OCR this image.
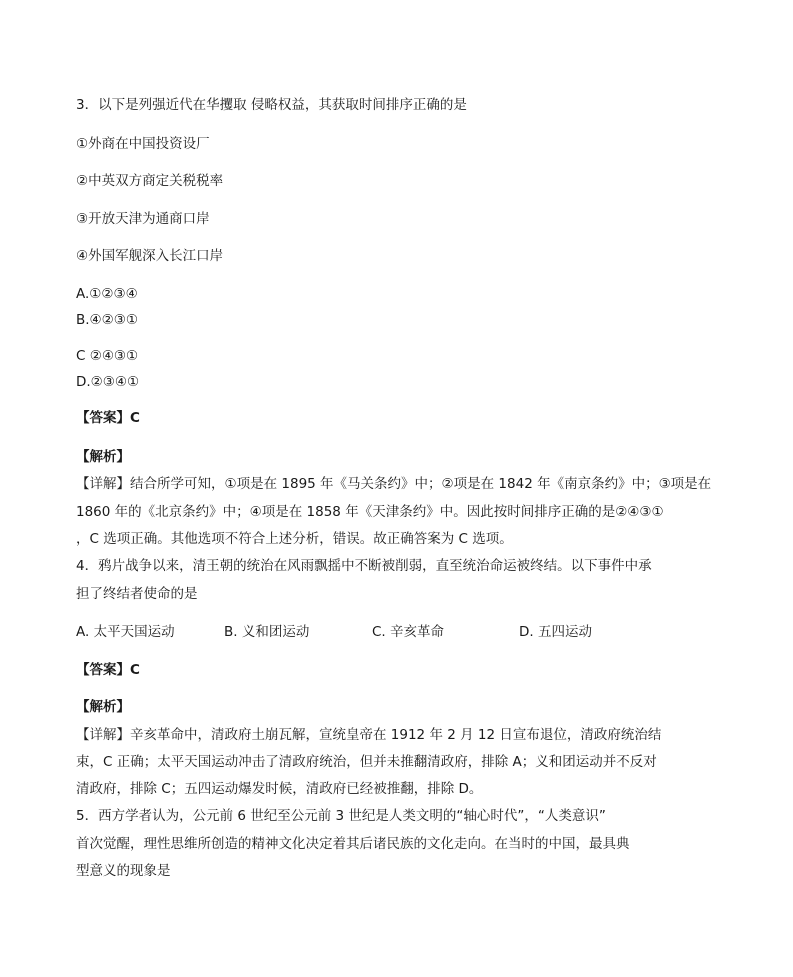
3．以下是列强近代在华攫取 侵略权益，其获取时间排序正确的是
①外商在中国投资设厂
②中英双方商定关税税率
③开放天津为通商口岸
④外国军舰深入长江口岸
A.①②③④
B.④②③①
C ②④③①
D.②③④①
【答案】C
【解析】
【详解】结合所学可知，①项是在 1895 年《马关条约》中；②项是在 1842 年《南京条约》中；③项是在
1860 年的《北京条约》中；④项是在 1858 年《天津条约》中。因此按时间排序正确的是②④③①
，C 选项正确。其他选项不符合上述分析，错误。故正确答案为 C 选项。
4．鸦片战争以来，清王朝的统治在风雨飘摇中不断被削弱，直至统治命运被终结。以下事件中承
担了终结者使命的是
A. 太平天国运动	B. 义和团运动	C. 辛亥革命	D. 五四运动
【答案】C
【解析】
【详解】辛亥革命中，清政府土崩瓦解，宣统皇帝在 1912 年 2 月 12 日宣布退位，清政府统治结
束，C 正确；太平天国运动冲击了清政府统治，但并未推翻清政府，排除 A；义和团运动并不反对
清政府，排除 C；五四运动爆发时候，清政府已经被推翻，排除 D。
5．西方学者认为，公元前 6 世纪至公元前 3 世纪是人类文明的“轴心时代”，“人类意识”
首次觉醒，理性思维所创造的精神文化决定着其后诸民族的文化走向。在当时的中国，最具典
型意义的现象是
